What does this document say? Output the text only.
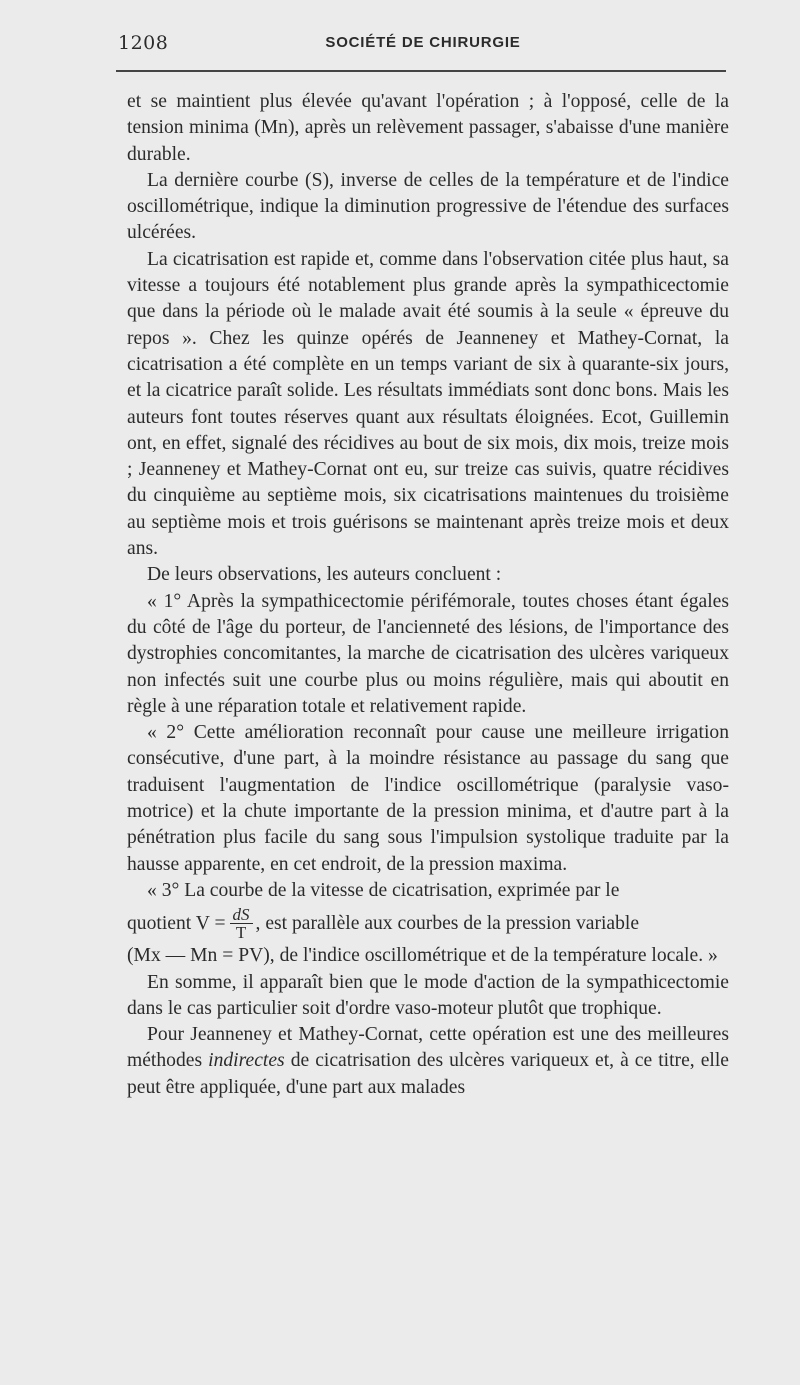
1208	SOCIÉTÉ DE CHIRURGIE

et se maintient plus élevée qu'avant l'opération ; à l'opposé, celle de la tension minima (Mn), après un relèvement passager, s'abaisse d'une manière durable.

La dernière courbe (S), inverse de celles de la température et de l'indice oscillométrique, indique la diminution progressive de l'étendue des surfaces ulcérées.

La cicatrisation est rapide et, comme dans l'observation citée plus haut, sa vitesse a toujours été notablement plus grande après la sympathicectomie que dans la période où le malade avait été soumis à la seule « épreuve du repos ». Chez les quinze opérés de Jeanneney et Mathey-Cornat, la cicatrisation a été complète en un temps variant de six à quarante-six jours, et la cicatrice paraît solide. Les résultats immédiats sont donc bons. Mais les auteurs font toutes réserves quant aux résultats éloignées. Ecot, Guillemin ont, en effet, signalé des récidives au bout de six mois, dix mois, treize mois ; Jeanneney et Mathey-Cornat ont eu, sur treize cas suivis, quatre récidives du cinquième au septième mois, six cicatrisations maintenues du troisième au septième mois et trois guérisons se maintenant après treize mois et deux ans.

De leurs observations, les auteurs concluent :

« 1° Après la sympathicectomie périfémorale, toutes choses étant égales du côté de l'âge du porteur, de l'ancienneté des lésions, de l'importance des dystrophies concomitantes, la marche de cicatrisation des ulcères variqueux non infectés suit une courbe plus ou moins régulière, mais qui aboutit en règle à une réparation totale et relativement rapide.

« 2° Cette amélioration reconnaît pour cause une meilleure irrigation consécutive, d'une part, à la moindre résistance au passage du sang que traduisent l'augmentation de l'indice oscillométrique (paralysie vaso-motrice) et la chute importante de la pression minima, et d'autre part à la pénétration plus facile du sang sous l'impulsion systolique traduite par la hausse apparente, en cet endroit, de la pression maxima.

« 3° La courbe de la vitesse de cicatrisation, exprimée par le

quotient $V = \frac{dS}{T}$ , est parallèle aux courbes de la pression variable

(Mx — Mn = PV), de l'indice oscillométrique et de la température locale. »

En somme, il apparaît bien que le mode d'action de la sympathicectomie dans le cas particulier soit d'ordre vaso-moteur plutôt que trophique.

Pour Jeanneney et Mathey-Cornat, cette opération est une des meilleures méthodes indirectes de cicatrisation des ulcères variqueux et, à ce titre, elle peut être appliquée, d'une part aux malades
